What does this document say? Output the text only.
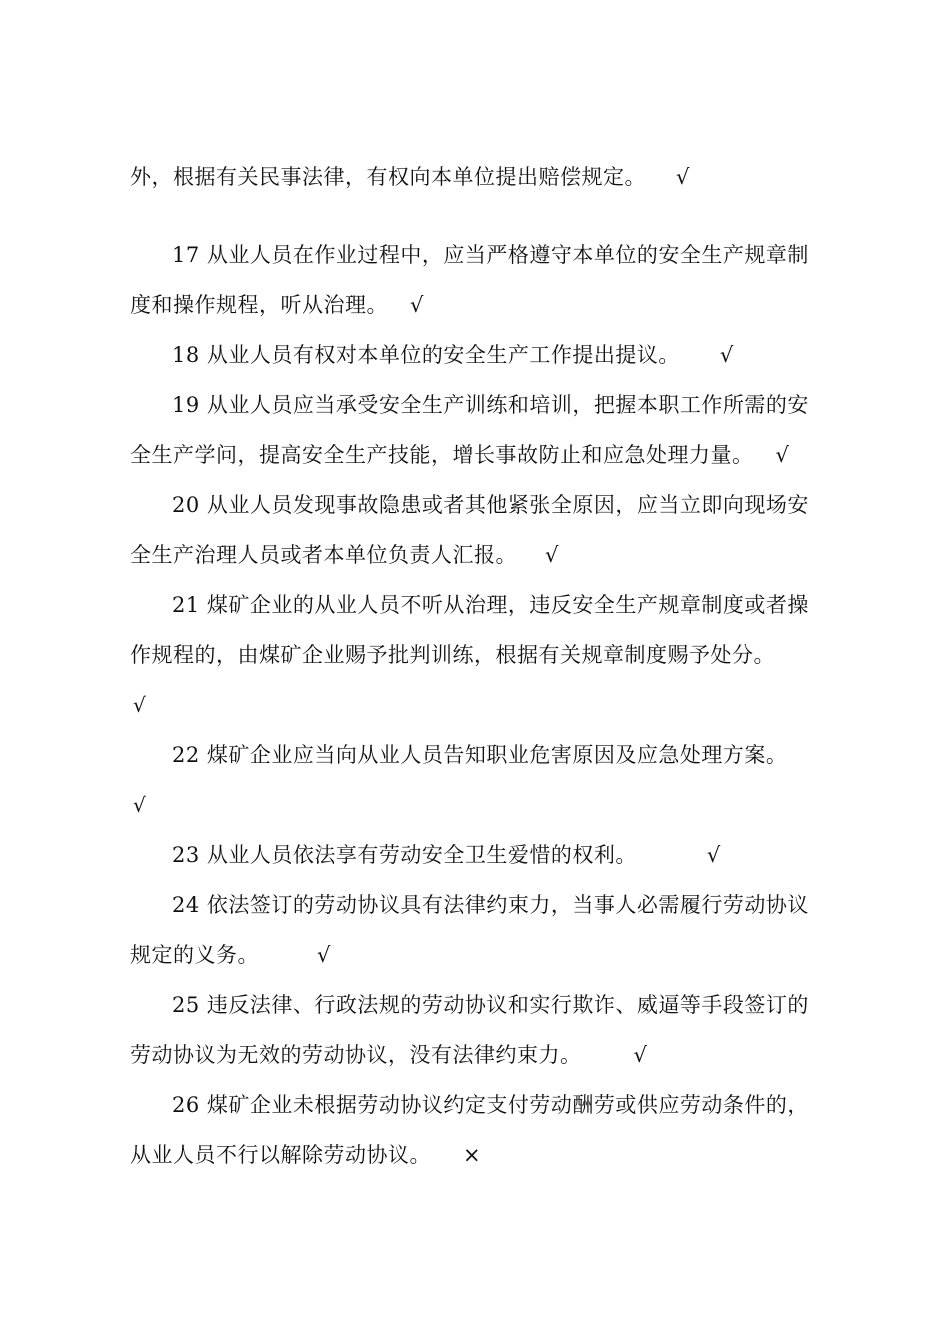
外，根据有关民事法律，有权向本单位提出赔偿规定。 √
17 从业人员在作业过程中，应当严格遵守本单位的安全生产规章制
度和操作规程，听从治理。 √
18 从业人员有权对本单位的安全生产工作提出提议。 √
19 从业人员应当承受安全生产训练和培训，把握本职工作所需的安
全生产学问，提高安全生产技能，增长事故防止和应急处理力量。 √
20 从业人员发现事故隐患或者其他紧张全原因，应当立即向现场安
全生产治理人员或者本单位负责人汇报。 √
21 煤矿企业的从业人员不听从治理，违反安全生产规章制度或者操
作规程的，由煤矿企业赐予批判训练，根据有关规章制度赐予处分。
√
22 煤矿企业应当向从业人员告知职业危害原因及应急处理方案。
√
23 从业人员依法享有劳动安全卫生爱惜的权利。	√
24 依法签订的劳动协议具有法律约束力，当事人必需履行劳动协议
规定的义务。	√
25 违反法律、行政法规的劳动协议和实行欺诈、威逼等手段签订的
劳动协议为无效的劳动协议，没有法律约束力。 √
26 煤矿企业未根据劳动协议约定支付劳动酬劳或供应劳动条件的，
从业人员不行以解除劳动协议。 ×
